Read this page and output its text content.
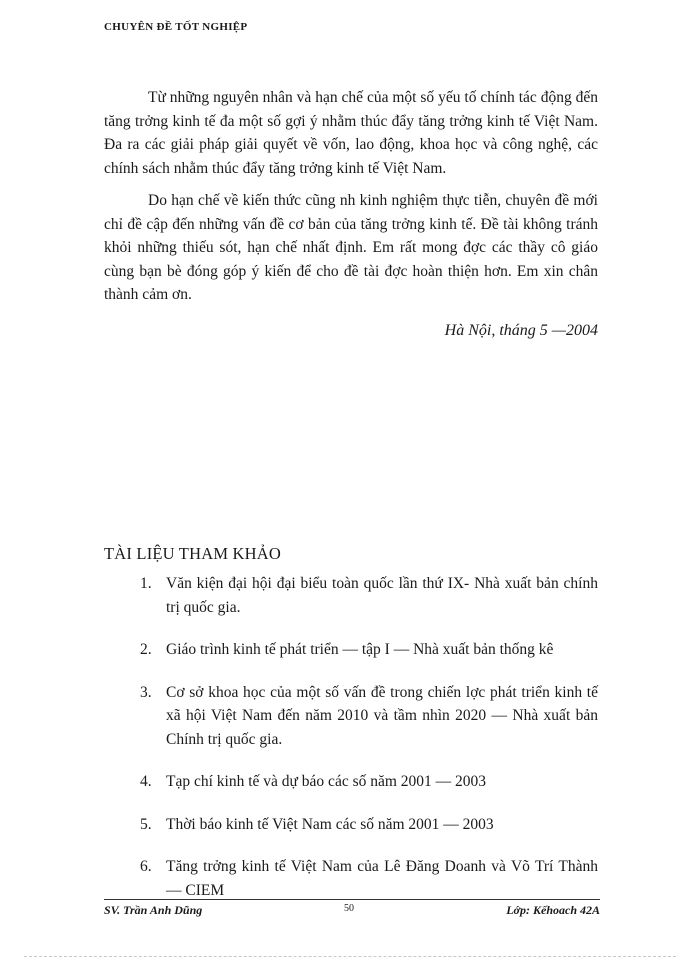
CHUYÊN ĐỀ TỐT NGHIỆP

Từ những nguyên nhân và hạn chế của một số yếu tố chính tác động đến tăng trởng kinh tế đa một số gợi ý nhằm thúc đẩy tăng trởng kinh tế Việt Nam. Đa ra các giải pháp giải quyết về vốn, lao động, khoa học và công nghệ, các chính sách nhằm thúc đẩy tăng trởng kinh tế Việt Nam.

Do hạn chế về kiến thức cũng nh kinh nghiệm thực tiễn, chuyên đề mới chỉ đề cập đến những vấn đề cơ bản của tăng trởng kinh tế. Đề tài không tránh khỏi những thiếu sót, hạn chế nhất định. Em rất mong đợc các thầy cô giáo cùng bạn bè đóng góp ý kiến để cho đề tài đợc hoàn thiện hơn. Em xin chân thành cảm ơn.

Hà Nội, tháng 5 —2004
TÀI LIỆU THAM KHẢO
1. Văn kiện đại hội đại biểu toàn quốc lần thứ IX- Nhà xuất bản chính trị quốc gia.
2. Giáo trình kinh tế phát triển — tập I — Nhà xuất bản thống kê
3. Cơ sở khoa học của một số vấn đề trong chiến lợc phát triển kinh tế xã hội Việt Nam đến năm 2010 và tầm nhìn 2020 — Nhà xuất bản Chính trị quốc gia.
4. Tạp chí kinh tế và dự báo các số năm 2001 — 2003
5. Thời báo kinh tế Việt Nam các số năm 2001 — 2003
6. Tăng trởng kinh tế Việt Nam của Lê Đăng Doanh và Võ Trí Thành — CIEM
SV. Trần Anh Dũng	50	Lớp: Kếhoach 42A
